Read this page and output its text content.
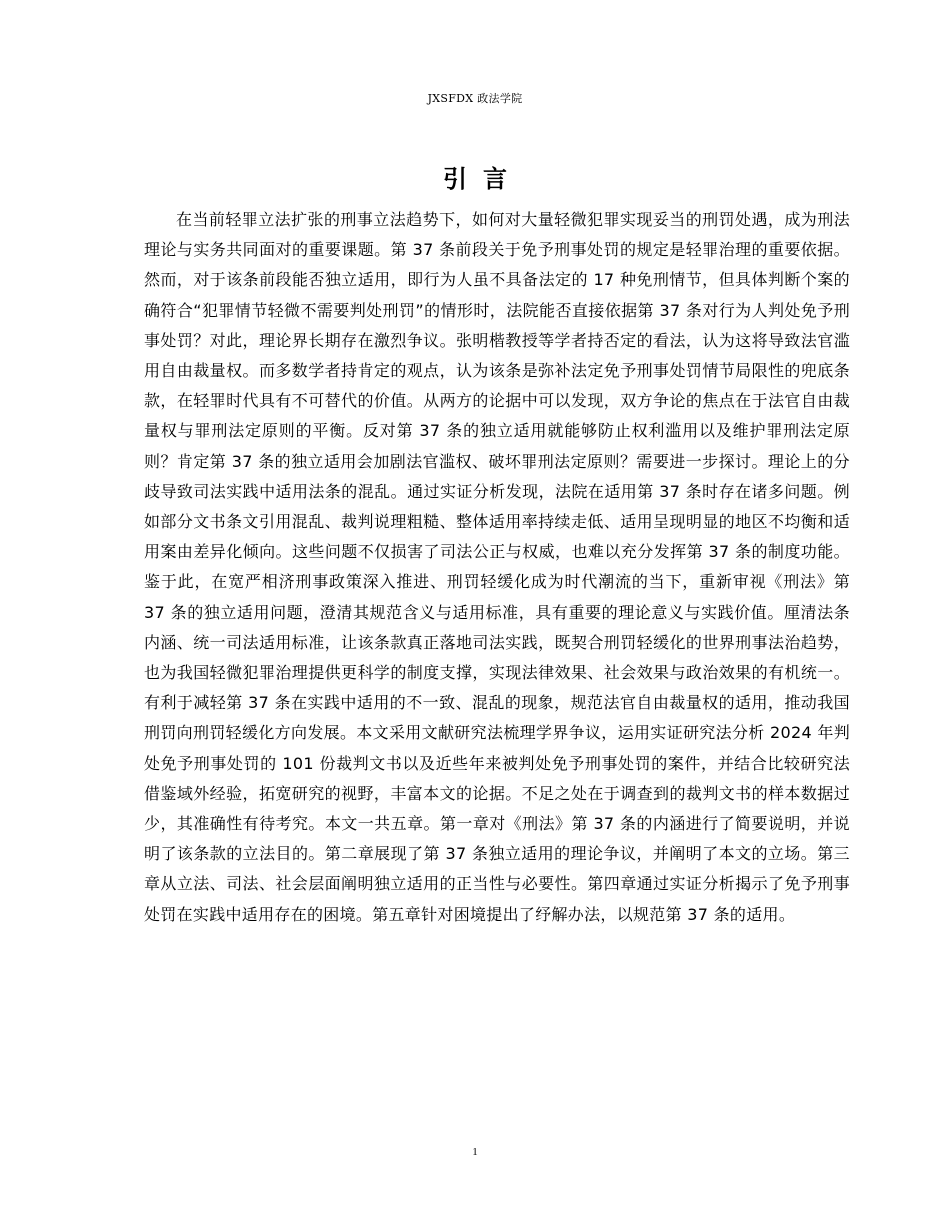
JXSFDX 政法学院
引言

在当前轻罪立法扩张的刑事立法趋势下，如何对大量轻微犯罪实现妥当的刑罚处遇，成为刑法理论与实务共同面对的重要课题。第 37 条前段关于免予刑事处罚的规定是轻罪治理的重要依据。然而，对于该条前段能否独立适用，即行为人虽不具备法定的 17 种免刑情节，但具体判断个案的确符合“犯罪情节轻微不需要判处刑罚”的情形时，法院能否直接依据第 37 条对行为人判处免予刑事处罚？对此，理论界长期存在激烈争议。张明楷教授等学者持否定的看法，认为这将导致法官滥用自由裁量权。而多数学者持肯定的观点，认为该条是弥补法定免予刑事处罚情节局限性的兜底条款，在轻罪时代具有不可替代的价值。从两方的论据中可以发现，双方争论的焦点在于法官自由裁量权与罪刑法定原则的平衡。反对第 37 条的独立适用就能够防止权利滥用以及维护罪刑法定原则？肯定第 37 条的独立适用会加剧法官滥权、破坏罪刑法定原则？需要进一步探讨。理论上的分歧导致司法实践中适用法条的混乱。通过实证分析发现，法院在适用第 37 条时存在诸多问题。例如部分文书条文引用混乱、裁判说理粗糙、整体适用率持续走低、适用呈现明显的地区不均衡和适用案由差异化倾向。这些问题不仅损害了司法公正与权威，也难以充分发挥第 37 条的制度功能。鉴于此，在宽严相济刑事政策深入推进、刑罚轻缓化成为时代潮流的当下，重新审视《刑法》第 37 条的独立适用问题，澄清其规范含义与适用标准，具有重要的理论意义与实践价值。厘清法条内涵、统一司法适用标准，让该条款真正落地司法实践，既契合刑罚轻缓化的世界刑事法治趋势，也为我国轻微犯罪治理提供更科学的制度支撑，实现法律效果、社会效果与政治效果的有机统一。有利于减轻第 37 条在实践中适用的不一致、混乱的现象，规范法官自由裁量权的适用，推动我国刑罚向刑罚轻缓化方向发展。本文采用文献研究法梳理学界争议，运用实证研究法分析 2024 年判处免予刑事处罚的 101 份裁判文书以及近些年来被判处免予刑事处罚的案件，并结合比较研究法借鉴域外经验，拓宽研究的视野，丰富本文的论据。不足之处在于调查到的裁判文书的样本数据过少，其准确性有待考究。本文一共五章。第一章对《刑法》第 37 条的内涵进行了简要说明，并说明了该条款的立法目的。第二章展现了第 37 条独立适用的理论争议，并阐明了本文的立场。第三章从立法、司法、社会层面阐明独立适用的正当性与必要性。第四章通过实证分析揭示了免予刑事处罚在实践中适用存在的困境。第五章针对困境提出了纾解办法，以规范第 37 条的适用。

1
